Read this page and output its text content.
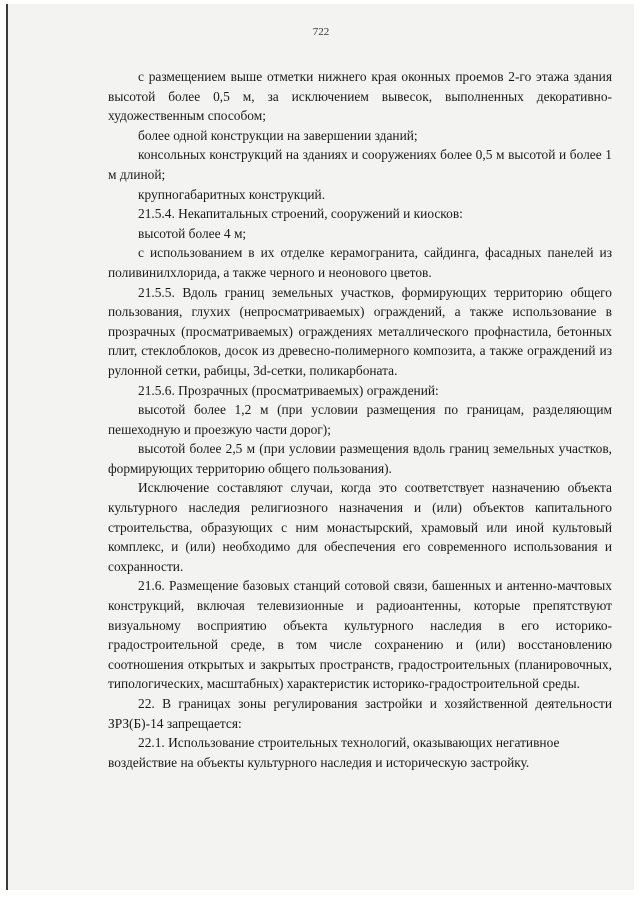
722

с размещением выше отметки нижнего края оконных проемов 2-го этажа здания высотой более 0,5 м, за исключением вывесок, выполненных декоративно-художественным способом;

более одной конструкции на завершении зданий;

консольных конструкций на зданиях и сооружениях более 0,5 м высотой и более 1 м длиной;

крупногабаритных конструкций.

21.5.4. Некапитальных строений, сооружений и киосков:

высотой более 4 м;

с использованием в их отделке керамогранита, сайдинга, фасадных панелей из поливинилхлорида, а также черного и неонового цветов.

21.5.5. Вдоль границ земельных участков, формирующих территорию общего пользования, глухих (непросматриваемых) ограждений, а также использование в прозрачных (просматриваемых) ограждениях металлического профнастила, бетонных плит, стеклоблоков, досок из древесно-полимерного композита, а также ограждений из рулонной сетки, рабицы, 3d-сетки, поликарбоната.

21.5.6. Прозрачных (просматриваемых) ограждений:

высотой более 1,2 м (при условии размещения по границам, разделяющим пешеходную и проезжую части дорог);

высотой более 2,5 м (при условии размещения вдоль границ земельных участков, формирующих территорию общего пользования).

Исключение составляют случаи, когда это соответствует назначению объекта культурного наследия религиозного назначения и (или) объектов капитального строительства, образующих с ним монастырский, храмовый или иной культовый комплекс, и (или) необходимо для обеспечения его современного использования и сохранности.

21.6. Размещение базовых станций сотовой связи, башенных и антенно-мачтовых конструкций, включая телевизионные и радиоантенны, которые препятствуют визуальному восприятию объекта культурного наследия в его историко-градостроительной среде, в том числе сохранению и (или) восстановлению соотношения открытых и закрытых пространств, градостроительных (планировочных, типологических, масштабных) характеристик историко-градостроительной среды.

22. В границах зоны регулирования застройки и хозяйственной деятельности ЗРЗ(Б)-14 запрещается:

22.1. Использование строительных технологий, оказывающих негативное воздействие на объекты культурного наследия и историческую застройку.
